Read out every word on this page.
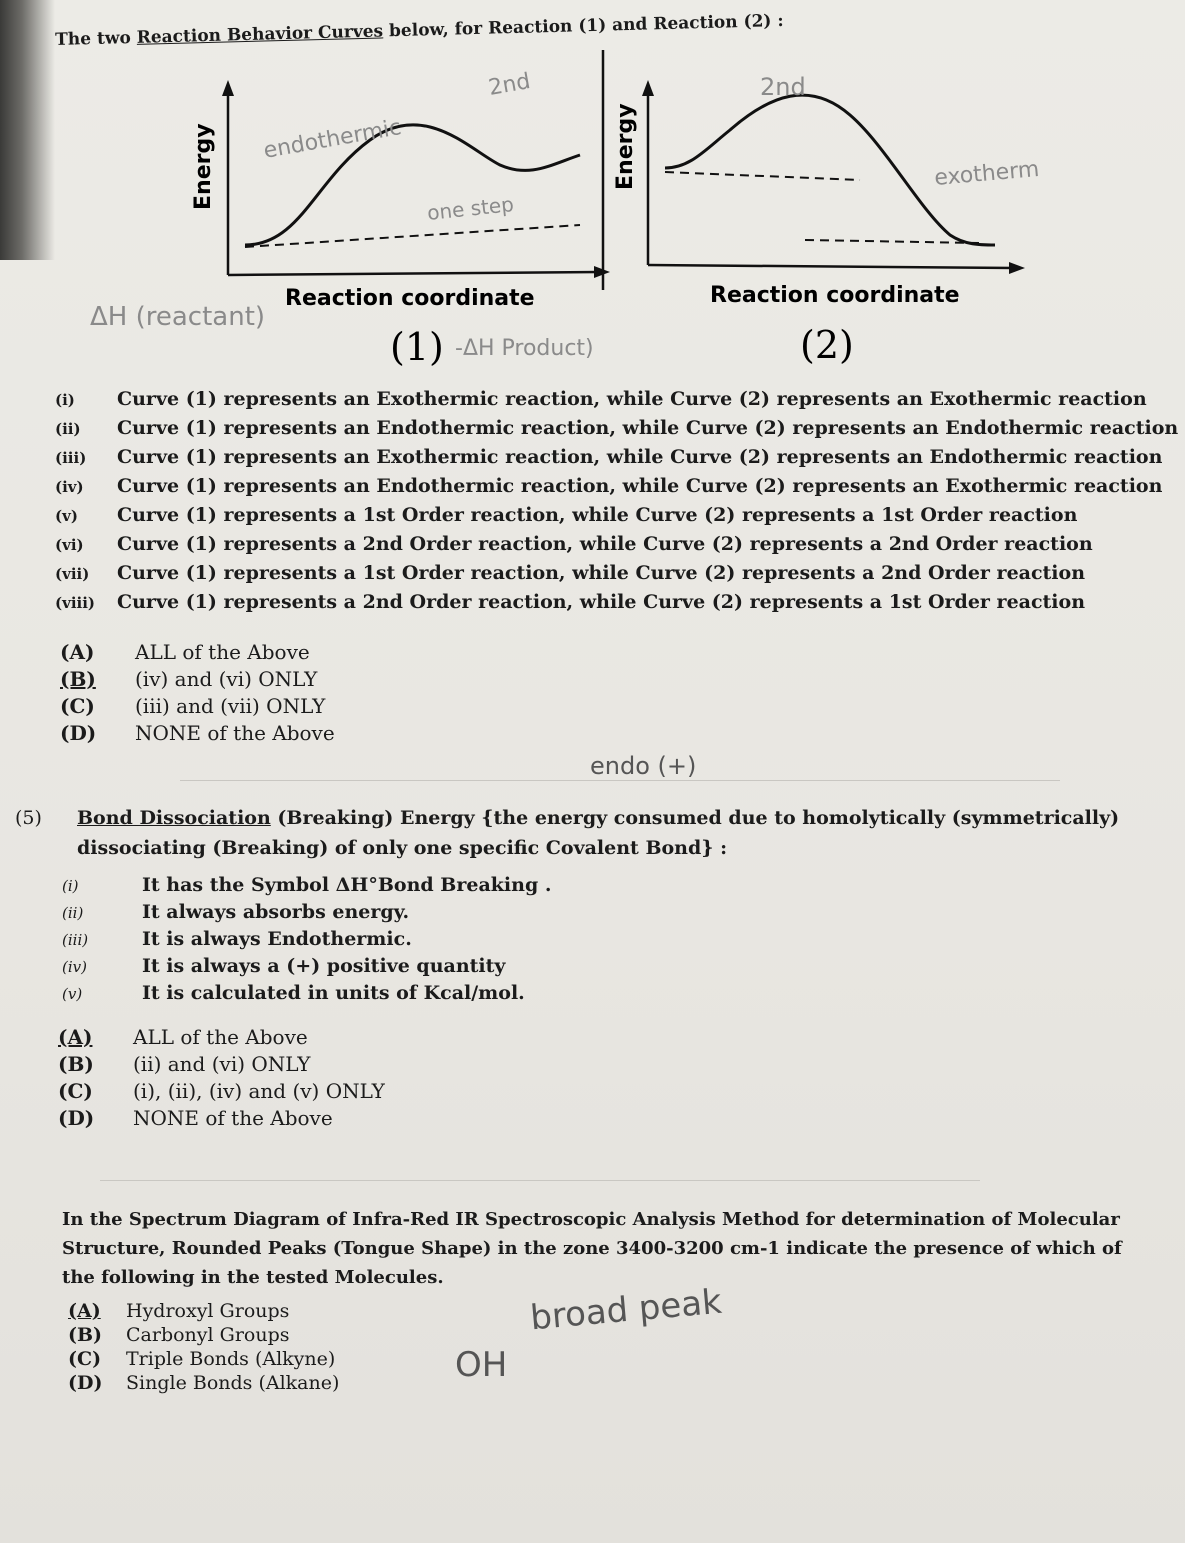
The two Reaction Behavior Curves below, for Reaction (1) and Reaction (2) :
Energy
Reaction coordinate
(1)
Energy
Reaction coordinate
(2)
endothermic
one step
2nd	2nd
exotherm
ΔH (reactant)
-ΔH Product)
(i) Curve (1) represents an Exothermic reaction, while Curve (2) represents an Exothermic reaction
(ii) Curve (1) represents an Endothermic reaction, while Curve (2) represents an Endothermic reaction
(iii) Curve (1) represents an Exothermic reaction, while Curve (2) represents an Endothermic reaction
(iv) Curve (1) represents an Endothermic reaction, while Curve (2) represents an Exothermic reaction
(v) Curve (1) represents a 1st Order reaction, while Curve (2) represents a 1st Order reaction
(vi) Curve (1) represents a 2nd Order reaction, while Curve (2) represents a 2nd Order reaction
(vii) Curve (1) represents a 1st Order reaction, while Curve (2) represents a 2nd Order reaction
(viii) Curve (1) represents a 2nd Order reaction, while Curve (2) represents a 1st Order reaction
(A) ALL of the Above
(B) (iv) and (vi) ONLY
(C) (iii) and (vii) ONLY
(D) NONE of the Above
endo (+)
(5) Bond Dissociation (Breaking) Energy {the energy consumed due to homolytically (symmetrically)
dissociating (Breaking) of only one specific Covalent Bond} :
(i)	It has the Symbol ΔH°Bond Breaking .
(ii)	It always absorbs energy.
(iii)	It is always Endothermic.
(iv)	It is always a (+) positive quantity
(v)	It is calculated in units of Kcal/mol.
(A) ALL of the Above
(B) (ii) and (vi) ONLY
(C) (i), (ii), (iv) and (v) ONLY
(D) NONE of the Above
In the Spectrum Diagram of Infra-Red IR Spectroscopic Analysis Method for determination of Molecular
Structure, Rounded Peaks (Tongue Shape) in the zone 3400-3200 cm-1 indicate the presence of which of
the following in the tested Molecules.
(A) Hydroxyl Groups
(B) Carbonyl Groups
(C) Triple Bonds (Alkyne)
(D) Single Bonds (Alkane)
broad peak
OH
